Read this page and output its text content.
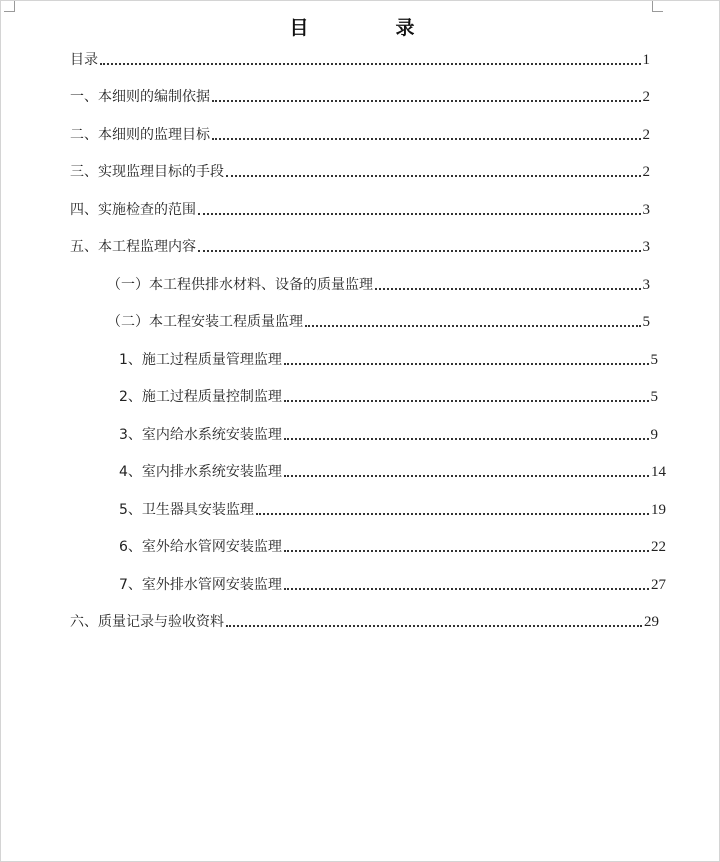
目　录
目录	1
一、本细则的编制依据	2
二、本细则的监理目标	2
三、实现监理目标的手段	2
四、实施检查的范围	3
五、本工程监理内容	3
（一）本工程供排水材料、设备的质量监理	3
（二）本工程安装工程质量监理	5
1、施工过程质量管理监理	5
2、施工过程质量控制监理	5
3、室内给水系统安装监理	9
4、室内排水系统安装监理	14
5、卫生器具安装监理	19
6、室外给水管网安装监理	22
7、室外排水管网安装监理	27
六、质量记录与验收资料	29
